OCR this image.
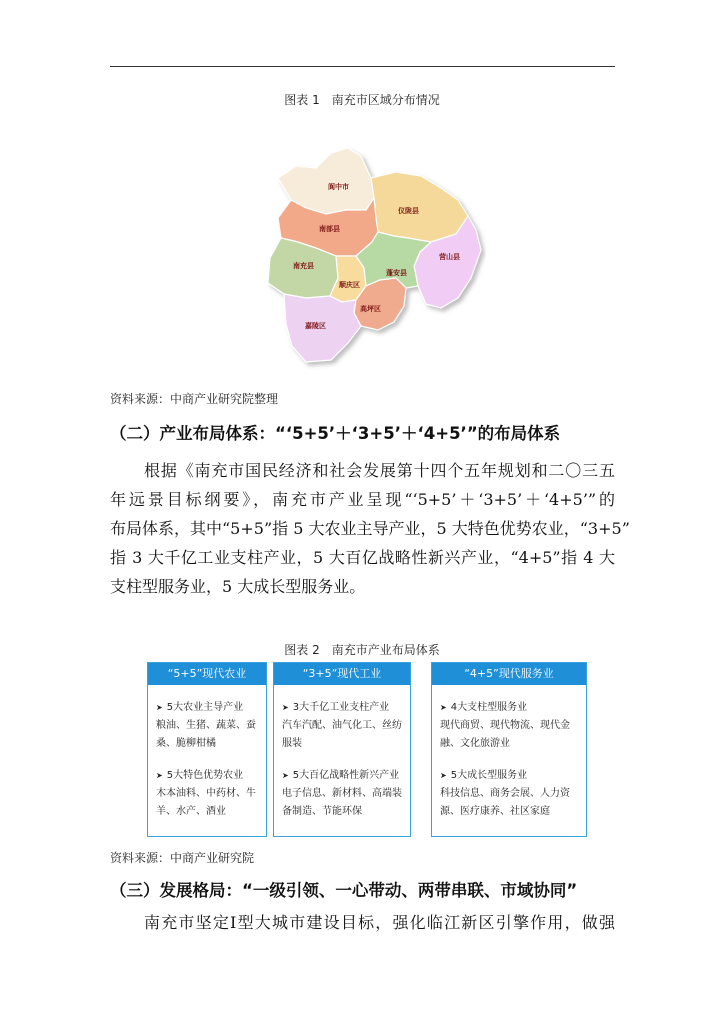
图表 1　南充市区域分布情况
阆中市
仪陇县
南部县
营山县
南充县
顺庆区
蓬安县
高坪区
嘉陵区
资料来源：中商产业研究院整理
（二）产业布局体系：“‘5+5’＋‘3+5’＋‘4+5’”的布局体系
根据《南充市国民经济和社会发展第十四个五年规划和二〇三五
年远景目标纲要》，南充市产业呈现“‘5+5’＋‘3+5’＋‘4+5’”的
布局体系，其中“5+5”指 5 大农业主导产业，5 大特色优势农业，“3+5”
指 3 大千亿工业支柱产业，5 大百亿战略性新兴产业，“4+5”指 4 大
支柱型服务业，5 大成长型服务业。
图表 2　南充市产业布局体系
“5+5”现代农业
➤ 5大农业主导产业
粮油、生猪、蔬菜、蚕桑、脆柳柑橘
➤ 5大特色优势农业
木本油料、中药材、牛羊、水产、酒业
“3+5”现代工业
➤ 3大千亿工业支柱产业
汽车汽配、油气化工、丝纺服装
➤ 5大百亿战略性新兴产业
电子信息、新材料、高端装备制造、节能环保
“4+5”现代服务业
➤ 4大支柱型服务业
现代商贸、现代物流、现代金融、文化旅游业
➤ 5大成长型服务业
科技信息、商务会展、人力资源、医疗康养、社区家庭
资料来源：中商产业研究院
（三）发展格局：“一级引领、一心带动、两带串联、市域协同”
南充市坚定Ⅰ型大城市建设目标，强化临江新区引擎作用，做强
